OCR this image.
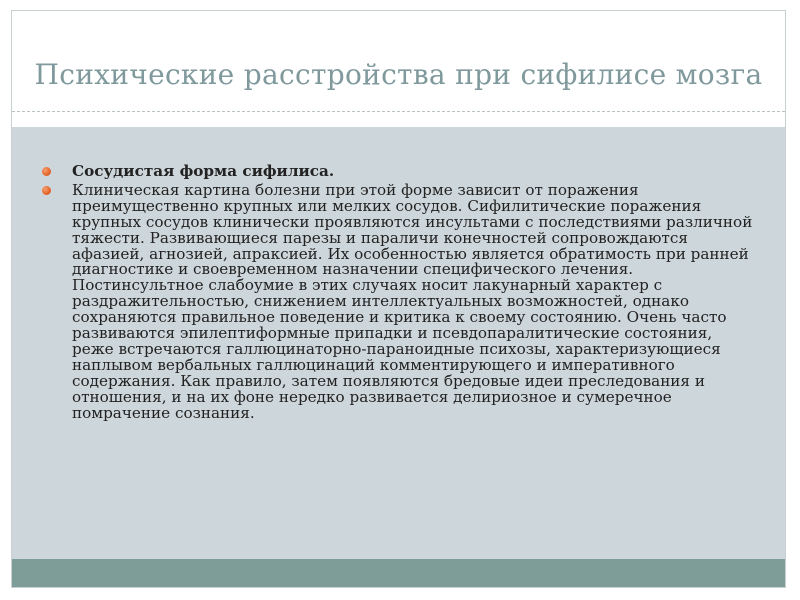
Психические расстройства при сифилисе мозга
Сосудистая форма сифилиса.
Клиническая картина болезни при этой форме зависит от поражения преимущественно крупных или мелких сосудов. Сифилитические поражения крупных сосудов клинически проявляются инсультами с последствиями различной тяжести. Развивающиеся парезы и параличи конечностей сопровождаются афазией, агнозией, апраксией. Их особенностью является обратимость при ранней диагностике и своевременном назначении специфического лечения. Постинсультное слабоумие в этих случаях носит лакунарный характер с раздражительностью, снижением интеллектуальных возможностей, однако сохраняются правильное поведение и критика к своему состоянию. Очень часто развиваются эпилептиформные припадки и псевдопаралитические состояния, реже встречаются галлюцинаторно-параноидные психозы, характеризующиеся наплывом вербальных галлюцинаций комментирующего и императивного содержания. Как правило, затем появляются бредовые идеи преследования и отношения, и на их фоне нередко развивается делириозное и сумеречное помрачение сознания.
